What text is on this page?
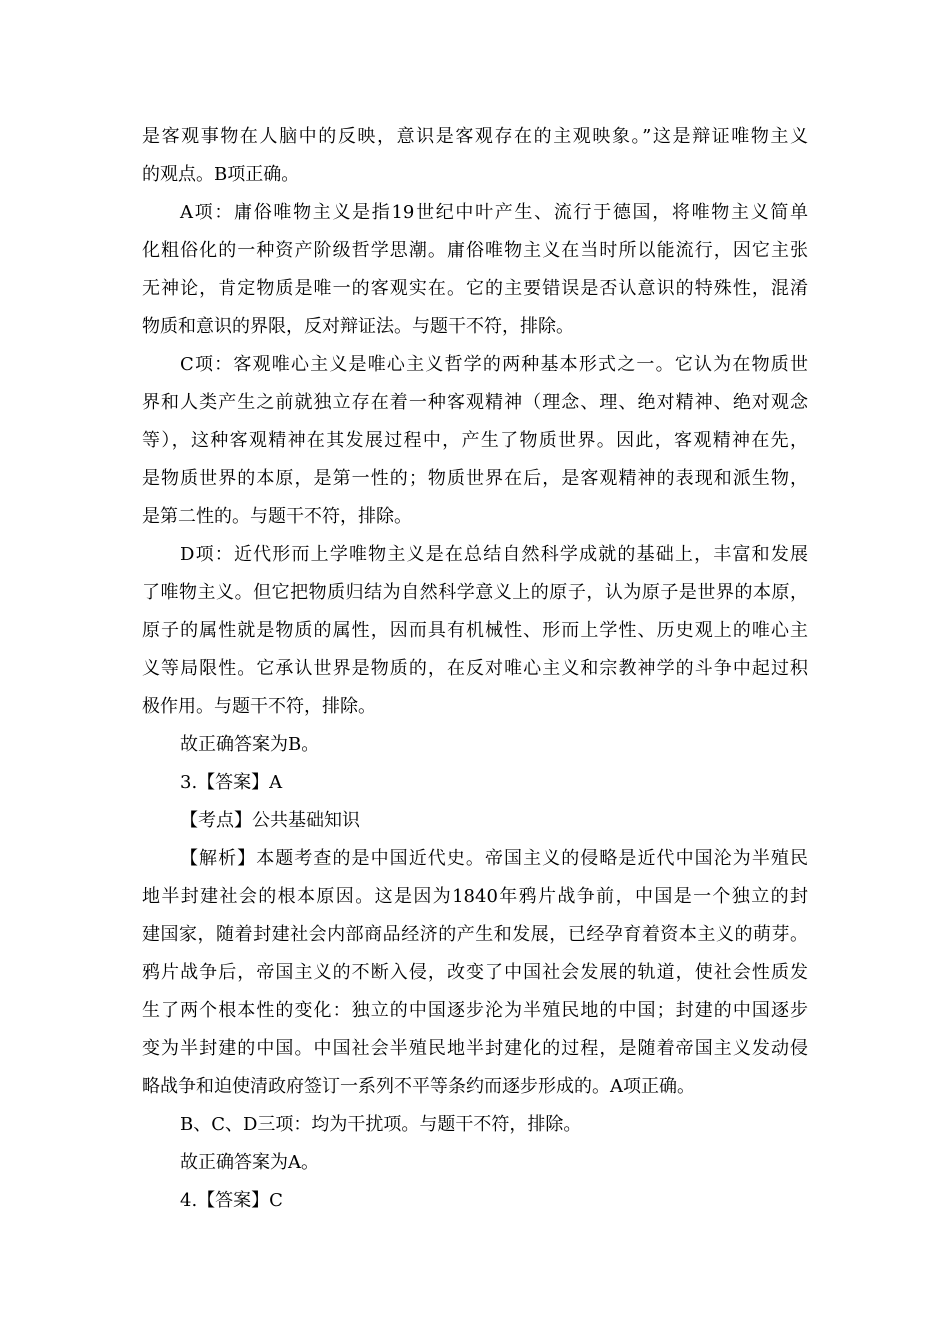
是客观事物在人脑中的反映，意识是客观存在的主观映象。”这是辩证唯物主义
的观点。B项正确。
A项：庸俗唯物主义是指19世纪中叶产生、流行于德国，将唯物主义简单
化粗俗化的一种资产阶级哲学思潮。庸俗唯物主义在当时所以能流行，因它主张
无神论，肯定物质是唯一的客观实在。它的主要错误是否认意识的特殊性，混淆
物质和意识的界限，反对辩证法。与题干不符，排除。
C项：客观唯心主义是唯心主义哲学的两种基本形式之一。它认为在物质世
界和人类产生之前就独立存在着一种客观精神（理念、理、绝对精神、绝对观念
等），这种客观精神在其发展过程中，产生了物质世界。因此，客观精神在先，
是物质世界的本原，是第一性的；物质世界在后，是客观精神的表现和派生物，
是第二性的。与题干不符，排除。
D项：近代形而上学唯物主义是在总结自然科学成就的基础上，丰富和发展
了唯物主义。但它把物质归结为自然科学意义上的原子，认为原子是世界的本原，
原子的属性就是物质的属性，因而具有机械性、形而上学性、历史观上的唯心主
义等局限性。它承认世界是物质的，在反对唯心主义和宗教神学的斗争中起过积
极作用。与题干不符，排除。
故正确答案为B。
3.【答案】A
【考点】公共基础知识
【解析】本题考查的是中国近代史。帝国主义的侵略是近代中国沦为半殖民
地半封建社会的根本原因。这是因为1840年鸦片战争前，中国是一个独立的封
建国家，随着封建社会内部商品经济的产生和发展，已经孕育着资本主义的萌芽。
鸦片战争后，帝国主义的不断入侵，改变了中国社会发展的轨道，使社会性质发
生了两个根本性的变化：独立的中国逐步沦为半殖民地的中国；封建的中国逐步
变为半封建的中国。中国社会半殖民地半封建化的过程，是随着帝国主义发动侵
略战争和迫使清政府签订一系列不平等条约而逐步形成的。A项正确。
B、C、D三项：均为干扰项。与题干不符，排除。
故正确答案为A。
4.【答案】C
